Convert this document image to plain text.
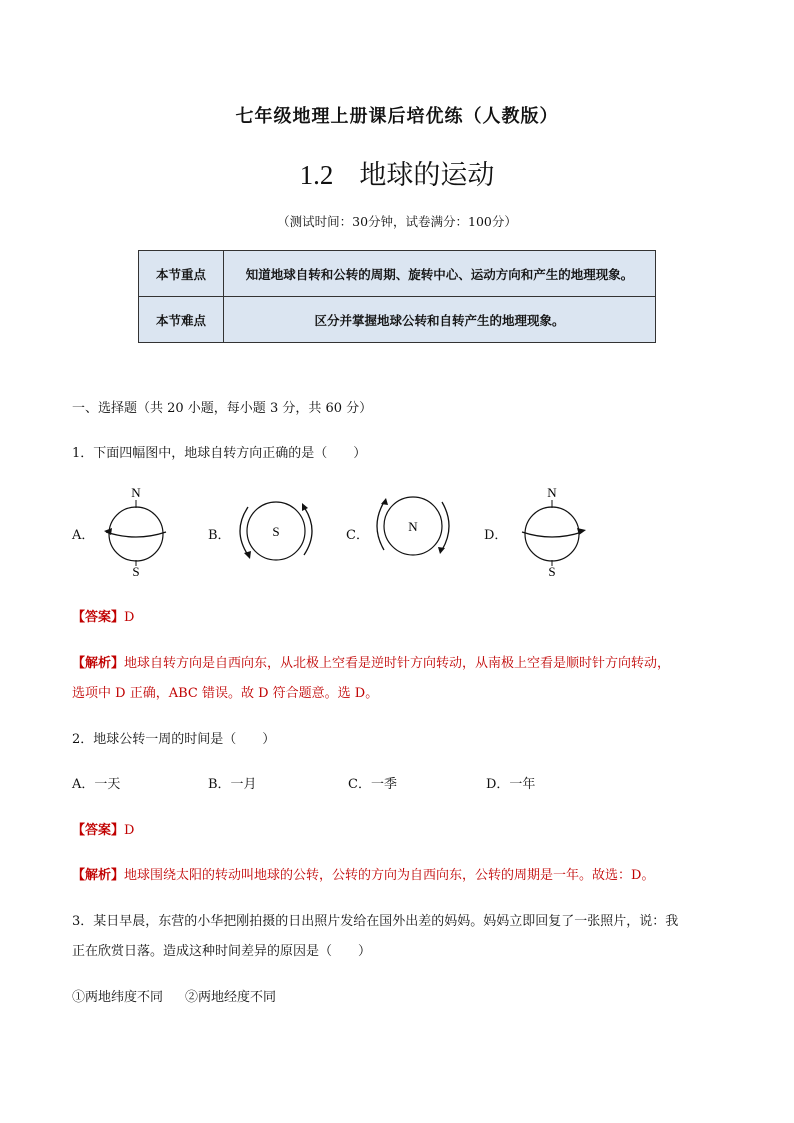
七年级地理上册课后培优练（人教版）
1.2 地球的运动
（测试时间：30分钟，试卷满分：100分）
本节重点	知道地球自转和公转的周期、旋转中心、运动方向和产生的地理现象。
本节难点	区分并掌握地球公转和自转产生的地理现象。
一、选择题（共 20 小题，每小题 3 分，共 60 分）
1．下面四幅图中，地球自转方向正确的是（　　）
A．
N
S
B．	S	C．
N
D．
N
S
【答案】D
【解析】地球自转方向是自西向东，从北极上空看是逆时针方向转动，从南极上空看是顺时针方向转动，
选项中 D 正确，ABC 错误。故 D 符合题意。选 D。
2．地球公转一周的时间是（　　）
A．一天	B．一月	C．一季	D．一年
【答案】D
【解析】地球围绕太阳的转动叫地球的公转，公转的方向为自西向东，公转的周期是一年。故选：D。
3．某日早晨，东营的小华把刚拍摄的日出照片发给在国外出差的妈妈。妈妈立即回复了一张照片，说：我
正在欣赏日落。造成这种时间差异的原因是（　　）
①两地纬度不同 ②两地经度不同
